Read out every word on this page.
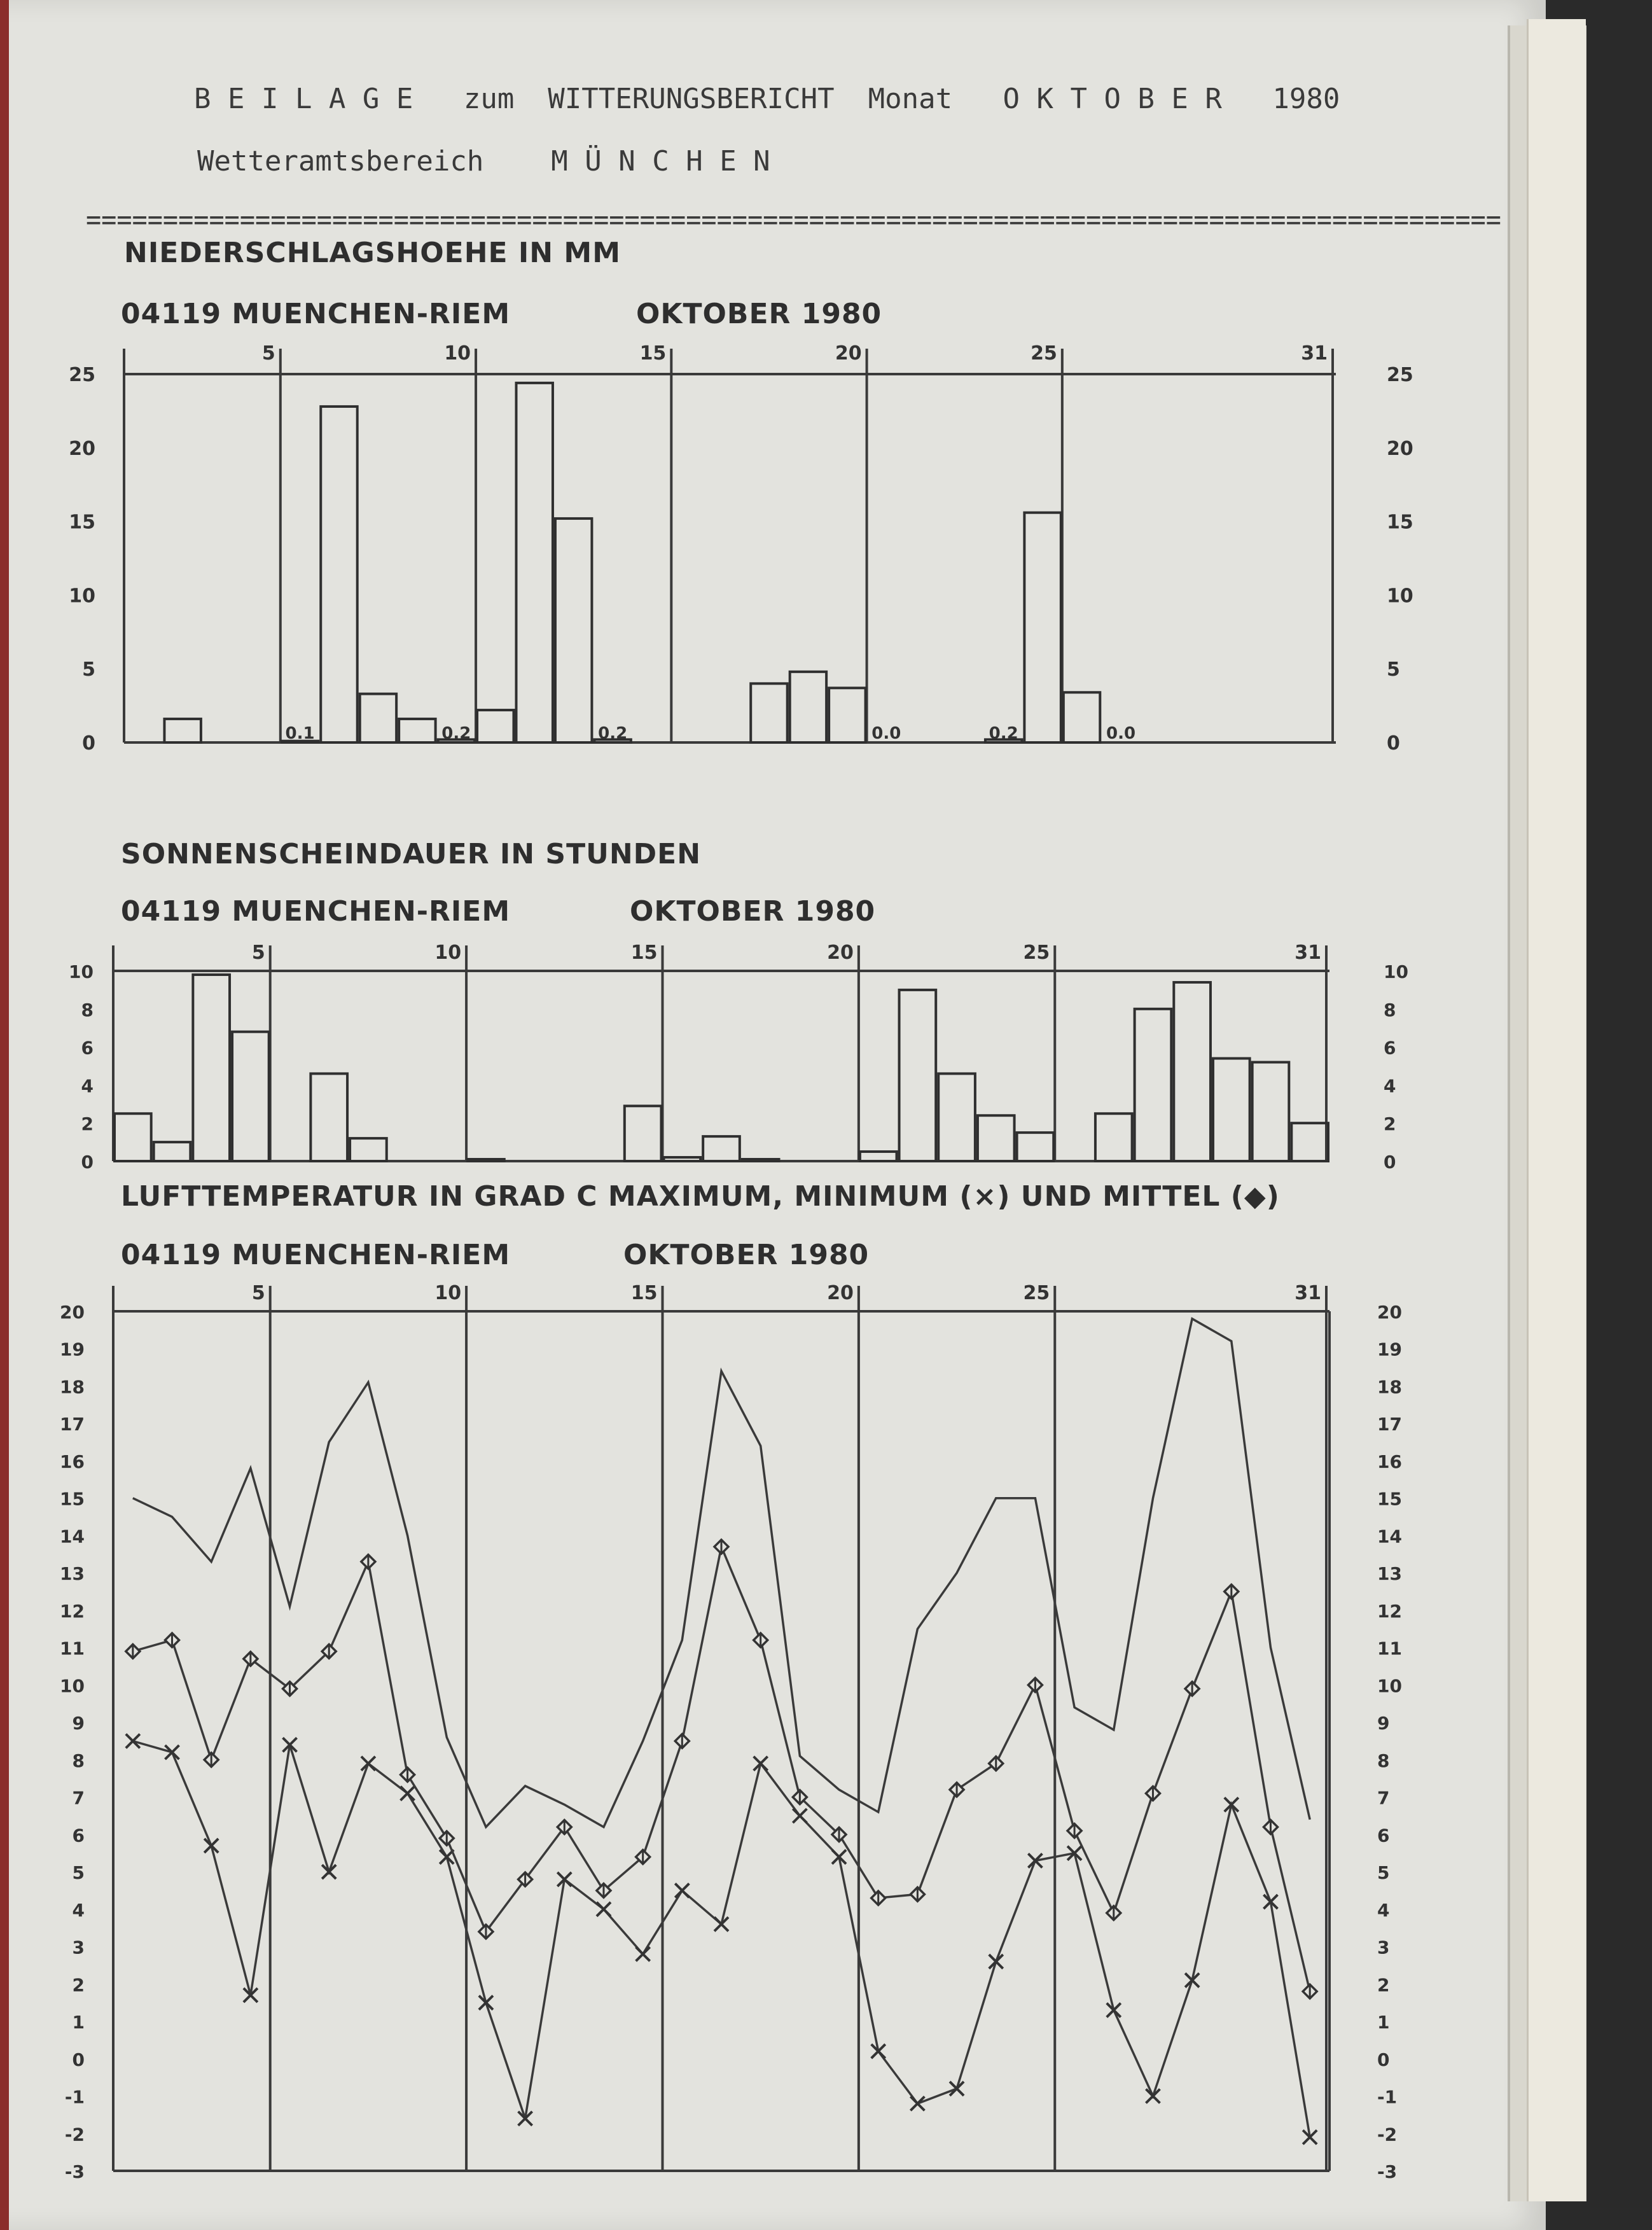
B E I L A G E   zum  WITTERUNGSBERICHT  Monat   O K T O B E R   1980
Wetteramtsbereich    M Ü N C H E N
============================================================================================
NIEDERSCHLAGSHOEHE IN MM
04119 MUENCHEN-RIEM	OKTOBER 1980
5	10	15	20	25	31
0	0
5	5
10	10
15	15
20	20
25	25
0.1	0.2	0.2	0.0	0.2	0.0
SONNENSCHEINDAUER IN STUNDEN
04119 MUENCHEN-RIEM	OKTOBER 1980
5	10	15	20	25	31
0	0
2	2
4	4
6	6
8	8
10	10
LUFTTEMPERATUR IN GRAD C MAXIMUM, MINIMUM (×) UND MITTEL (◆)
04119 MUENCHEN-RIEM	OKTOBER 1980
5	10	15	20	25	31
-3	-3
-2	-2
-1	-1
0	0
1	1
2	2
3	3
4	4
5	5
6	6
7	7
8	8
9	9
10	10
11	11
12	12
13	13
14	14
15	15
16	16
17	17
18	18
19	19
20	20
